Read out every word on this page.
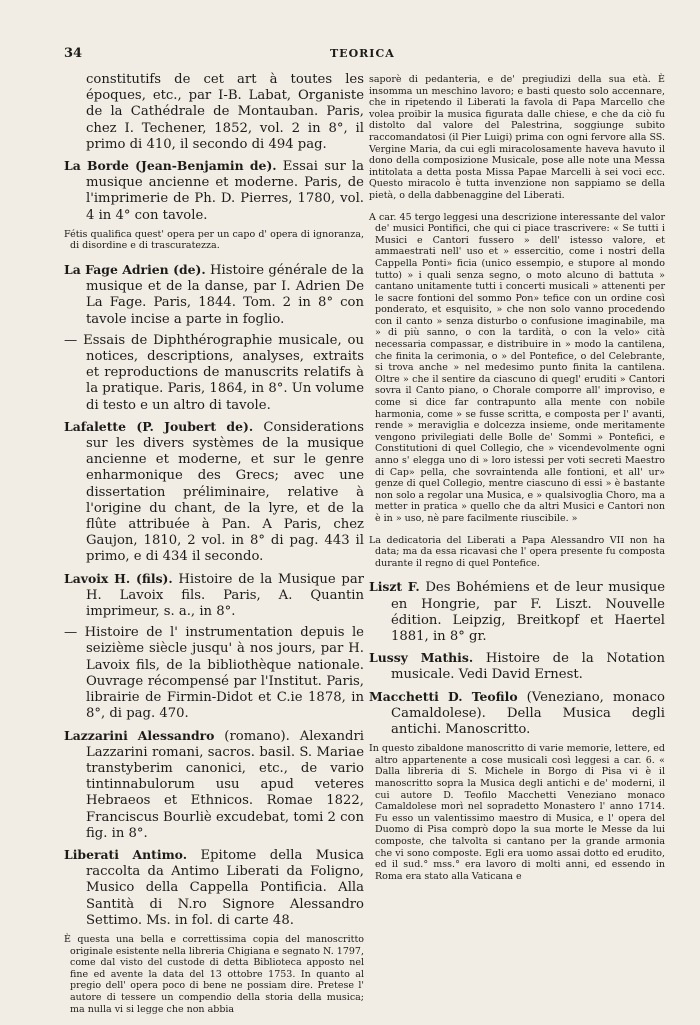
34	TEORICA

constitutifs de cet art à toutes les époques, etc., par I-B. Labat, Organiste de la Cathédrale de Montauban. Paris, chez I. Techener, 1852, vol. 2 in 8°, il primo di 410, il secondo di 494 pag.

La Borde (Jean-Benjamin de). Essai sur la musique ancienne et moderne. Paris, de l'imprimerie de Ph. D. Pierres, 1780, vol. 4 in 4° con tavole.

Fétis qualifica quest' opera per un capo d' opera di ignoranza, di disordine e di trascuratezza.

La Fage Adrien (de). Histoire générale de la musique et de la danse, par I. Adrien De La Fage. Paris, 1844. Tom. 2 in 8° con tavole incise a parte in foglio.

— Essais de Diphthérographie musicale, ou notices, descriptions, analyses, extraits et reproductions de manuscrits relatifs à la pratique. Paris, 1864, in 8°. Un volume di testo e un altro di tavole.

Lafalette (P. Joubert de). Considerations sur les divers systèmes de la musique ancienne et moderne, et sur le genre enharmonique des Grecs; avec une dissertation préliminaire, relative à l'origine du chant, de la lyre, et de la flûte attribuée à Pan. A Paris, chez Gaujon, 1810, 2 vol. in 8° di pag. 443 il primo, e di 434 il secondo.

Lavoix H. (fils). Histoire de la Musique par H. Lavoix fils. Paris, A. Quantin imprimeur, s. a., in 8°.

— Histoire de l' instrumentation depuis le seizième siècle jusqu' à nos jours, par H. Lavoix fils, de la bibliothèque nationale. Ouvrage récompensé par l'Institut. Paris, librairie de Firmin-Didot et C.ie 1878, in 8°, di pag. 470.

Lazzarini Alessandro (romano). Alexandri Lazzarini romani, sacros. basil. S. Mariae transtyberim canonici, etc., de vario tintinnabulorum usu apud veteres Hebraeos et Ethnicos. Romae 1822, Franciscus Bourliè excudebat, tomi 2 con fig. in 8°.

Liberati Antimo. Epitome della Musica raccolta da Antimo Liberati da Foligno, Musico della Cappella Pontificia. Alla Santità di N.ro Signore Alessandro Settimo. Ms. in fol. di carte 48.

È questa una bella e correttissima copia del manoscritto originale esistente nella libreria Chigiana e segnato N. 1797, come dal visto del custode di detta Biblioteca apposto nel fine ed avente la data del 13 ottobre 1753. In quanto al pregio dell' opera poco di bene ne possiam dire. Pretese l' autore di tessere un compendio della storia della musica; ma nulla vi si legge che non abbia

saporè di pedanteria, e de' pregiudizi della sua età. È insomma un meschino lavoro; e basti questo solo accennare, che in ripetendo il Liberati la favola di Papa Marcello che volea proibir la musica figurata dalle chiese, e che da ciò fu distolto dal valore del Palestrina, soggiunge subito raccomandatosi (il Pier Luigi) prima con ogni fervore alla SS. Vergine Maria, da cui egli miracolosamente haveva havuto il dono della composizione Musicale, pose alle note una Messa intitolata a detta posta Missa Papae Marcelli à sei voci ecc. Questo miracolo è tutta invenzione non sappiamo se della pietà, o della dabbenaggine del Liberati.

A car. 45 tergo leggesi una descrizione interessante del valor de' musici Pontifici, che qui ci piace trascrivere: « Se tutti i Musici e Cantori fussero » dell' istesso valore, et ammaestrati nell' uso et » essercitio, come i nostri della Cappella Ponti» ficia (unico essempio, e stupore al mondo tutto) » i quali senza segno, o moto alcuno di battuta » cantano unitamente tutti i concerti musicali » attenenti per le sacre fontioni del sommo Pon» tefice con un ordine così ponderato, et esquisito, » che non solo vanno procedendo con il canto » senza disturbo o confusione imaginabile, ma » di più sanno, o con la tardità, o con la velo» cità necessaria compassar, e distribuire in » modo la cantilena, che finita la cerimonia, o » del Pontefice, o del Celebrante, si trova anche » nel medesimo punto finita la cantilena. Oltre » che il sentire da ciascuno di quegl' eruditi » Cantori sovra il Canto piano, o Chorale comporre all' improviso, e come si dice far contrapunto alla mente con nobile harmonia, come » se fusse scritta, e composta per l' avanti, rende » meraviglia e dolcezza insieme, onde meritamente vengono privilegiati delle Bolle de' Sommi » Pontefici, e Constitutioni di quel Collegio, che » vicendevolmente ogni anno s' elegga uno di » loro istessi per voti secreti Maestro di Cap» pella, che sovraintenda alle fontioni, et all' ur» genze di quel Collegio, mentre ciascuno di essi » è bastante non solo a regolar una Musica, e » qualsivoglia Choro, ma a metter in pratica » quello che da altri Musici e Cantori non è in » uso, nè pare facilmente riuscibile. »

La dedicatoria del Liberati a Papa Alessandro VII non ha data; ma da essa ricavasi che l' opera presente fu composta durante il regno di quel Pontefice.

Liszt F. Des Bohémiens et de leur musique en Hongrie, par F. Liszt. Nouvelle édition. Leipzig, Breitkopf et Haertel 1881, in 8° gr.

Lussy Mathis. Histoire de la Notation musicale. Vedi David Ernest.

Macchetti D. Teofilo (Veneziano, monaco Camaldolese). Della Musica degli antichi. Manoscritto.

In questo zibaldone manoscritto di varie memorie, lettere, ed altro appartenente a cose musicali così leggesi a car. 6. « Dalla libreria di S. Michele in Borgo di Pisa vi è il manoscritto sopra la Musica degli antichi e de' moderni, il cui autore D. Teofilo Macchetti Veneziano monaco Camaldolese morì nel sopradetto Monastero l' anno 1714. Fu esso un valentissimo maestro di Musica, e l' opera del Duomo di Pisa comprò dopo la sua morte le Messe da lui composte, che talvolta si cantano per la grande armonia che vi sono composte. Egli era uomo assai dotto ed erudito, ed il sud.° mss.° era lavoro di molti anni, ed essendo in Roma era stato alla Vaticana e
